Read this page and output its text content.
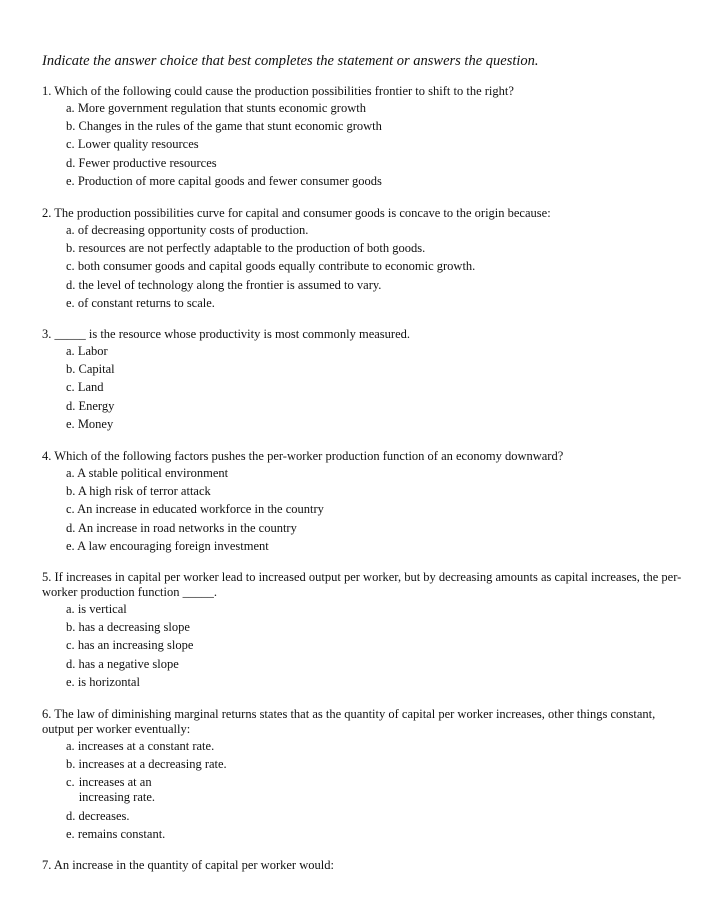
Indicate the answer choice that best completes the statement or answers the question.
1. Which of the following could cause the production possibilities frontier to shift to the right?
a. More government regulation that stunts economic growth
b. Changes in the rules of the game that stunt economic growth
c. Lower quality resources
d. Fewer productive resources
e. Production of more capital goods and fewer consumer goods
2. The production possibilities curve for capital and consumer goods is concave to the origin because:
a. of decreasing opportunity costs of production.
b. resources are not perfectly adaptable to the production of both goods.
c. both consumer goods and capital goods equally contribute to economic growth.
d. the level of technology along the frontier is assumed to vary.
e. of constant returns to scale.
3. _____ is the resource whose productivity is most commonly measured.
a. Labor
b. Capital
c. Land
d. Energy
e. Money
4. Which of the following factors pushes the per-worker production function of an economy downward?
a. A stable political environment
b. A high risk of terror attack
c. An increase in educated workforce in the country
d. An increase in road networks in the country
e. A law encouraging foreign investment
5. If increases in capital per worker lead to increased output per worker, but by decreasing amounts as capital increases, the per-worker production function _____.
a. is vertical
b. has a decreasing slope
c. has an increasing slope
d. has a negative slope
e. is horizontal
6. The law of diminishing marginal returns states that as the quantity of capital per worker increases, other things constant, output per worker eventually:
a. increases at a constant rate.
b. increases at a decreasing rate.
c. increases at an increasing rate.
d. decreases.
e. remains constant.
7. An increase in the quantity of capital per worker would:
